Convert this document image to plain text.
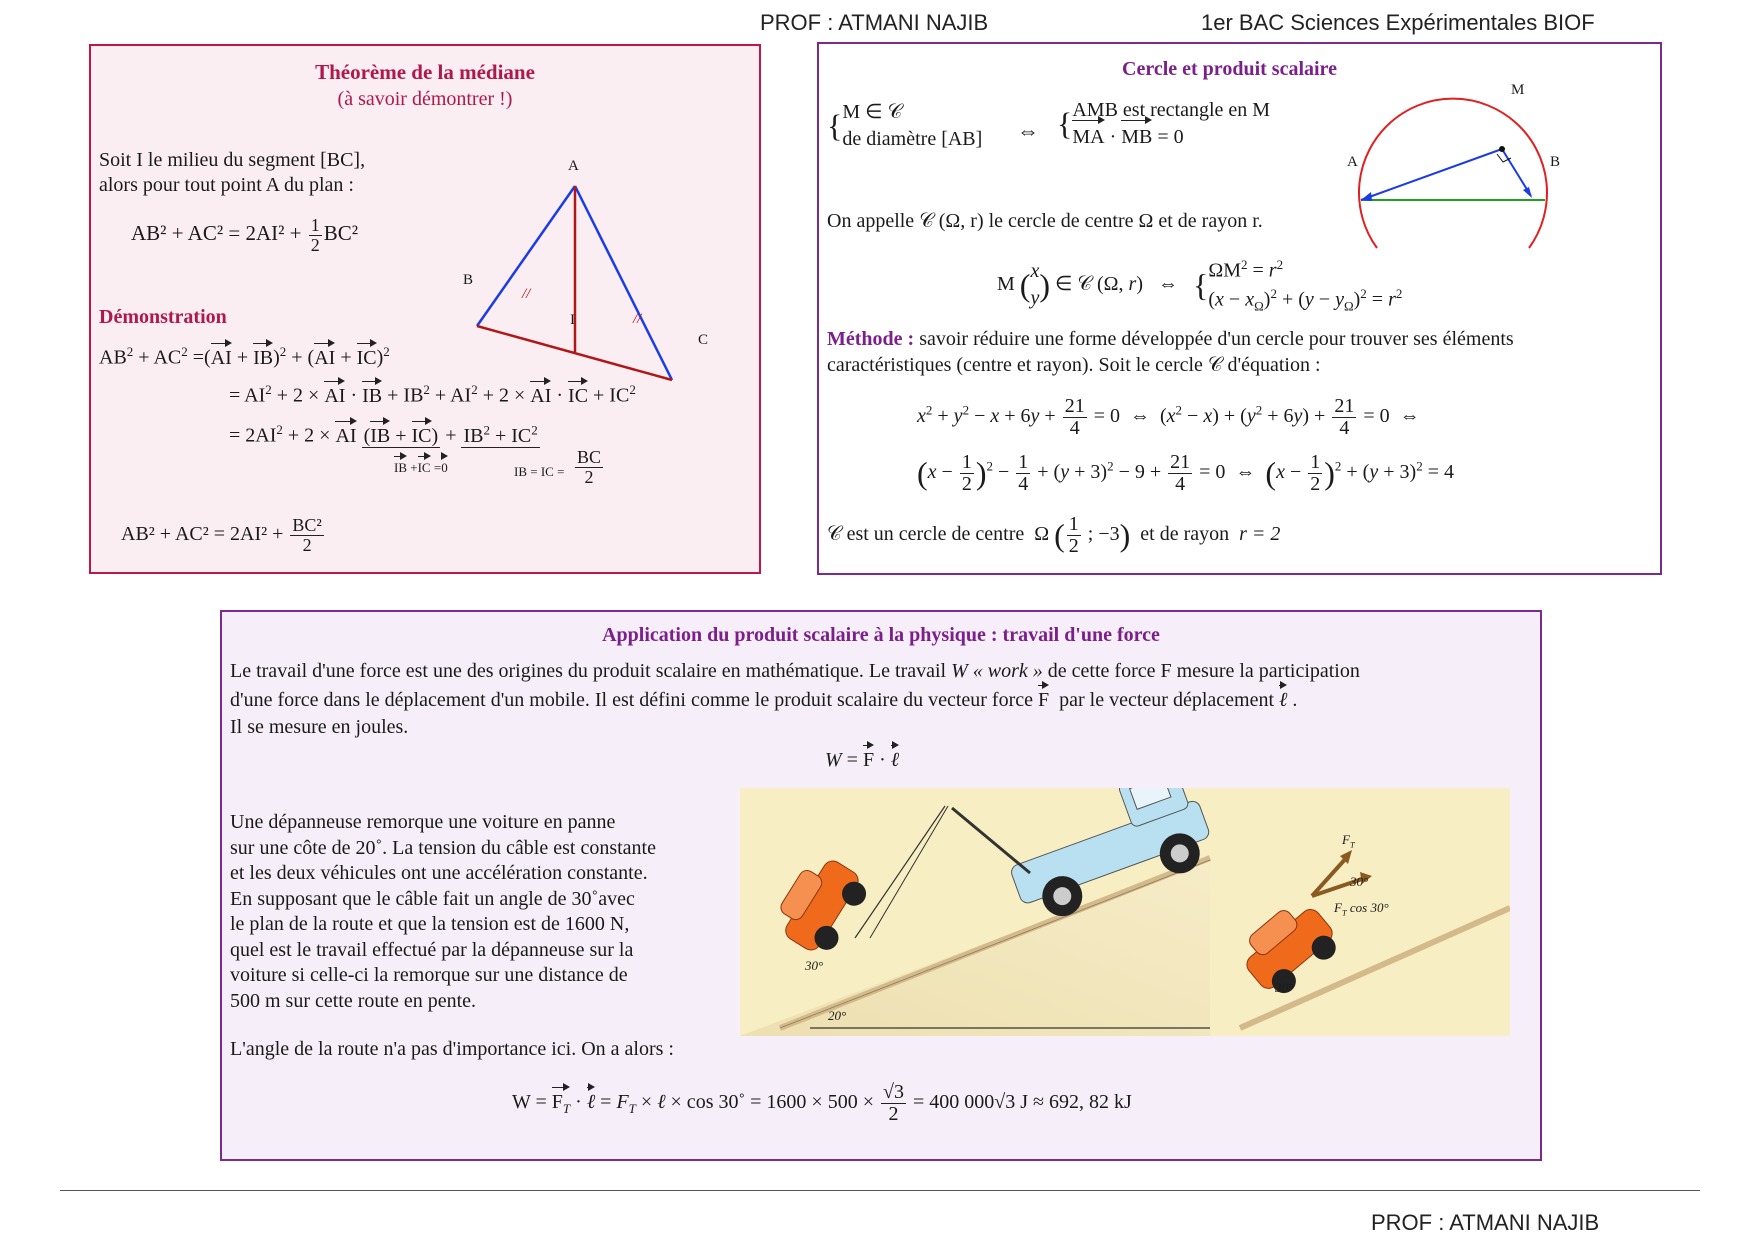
PROF : ATMANI NAJIB	1er BAC Sciences Expérimentales BIOF
Théorème de la médiane
(à savoir démontrer !)
Soit I le milieu du segment [BC],
alors pour tout point A du plan :
$AB^2 + AC^2 = 2AI^2 + \frac{1}{2} BC^2$
A
B
C
I
//
//
Démonstration
$AB^2 + AC^2 =(AI + IB)^2 + (AI + IC)^2$
= $AI^2 + 2$ × AI · IB + $IB^2 + AI^2 + 2$ × AI · IC + $IC^2$
= $2AI^2 + 2$ × AI $(IB + IC) + IB^2 + IC^2$
IB +IC =0	IB = IC = $\frac{BC}{2}$
$AB^2 + AC^2 = 2AI^2 + \frac{\text{BC²}}{2}$
Cercle et produit scalaire
{M ∈ 𝒞
de diamètre [AB] ⇔ {AMB est rectangle en M
MA · MB = 0
M
A	B
On appelle 𝒞 (Ω, r) le cercle de centre Ω et de rayon r.
M (x
y) ∈ 𝒞 (Ω, r)   ⇔   {$\Omega M^2 = r^2$
$(x - x_\Omega)^2 + (y - y_\Omega)^2 = r^2$
Méthode : savoir réduire une forme développée d'un cercle pour trouver ses éléments
caractéristiques (centre et rayon). Soit le cercle 𝒞 d'équation :
$x^2 + y^2 - x + 6y + \frac{21}{4} = 0$  ⇔  $(x^2 - x) + (y^2 + 6y) + \frac{21}{4} = 0$  ⇔
$(x - \frac{1}{2} )^2 - \frac{1}{4} + (y + 3)^2 - 9 + \frac{21}{4} = 0$  ⇔  $(x - \frac{1}{2} )^2 + (y + 3)^2 = 4$
𝒞 est un cercle de centre  Ω ( $\frac{1}{2}$ ; −3) et de rayon r = 2
Application du produit scalaire à la physique : travail d'une force
Le travail d'une force est une des origines du produit scalaire en mathématique. Le travail W « work » de cette force F mesure la participation
d'une force dans le déplacement d'un mobile. Il est défini comme le produit scalaire du vecteur force F par le vecteur déplacement ℓ .
Il se mesure en joules.
W = F · ℓ
Une dépanneuse remorque une voiture en panne
sur une côte de 20˚. La tension du câble est constante
et les deux véhicules ont une accélération constante.
En supposant que le câble fait un angle de 30˚avec
le plan de la route et que la tension est de 1600 N,
quel est le travail effectué par la dépanneuse sur la
voiture si celle-ci la remorque sur une distance de
500 m sur cette route en pente.
30°
20°
$F_T$
30°
$F_T$ cos 30°
30°
L'angle de la route n'a pas d'importance ici. On a alors :
$W = F_T$ · ℓ = $F_T$ × ℓ × cos 30˚ = $1600 \times 500 \times \frac{√3}{2} = 400$ 000√3 J ≈ 692, 82 kJ
PROF : ATMANI NAJIB
